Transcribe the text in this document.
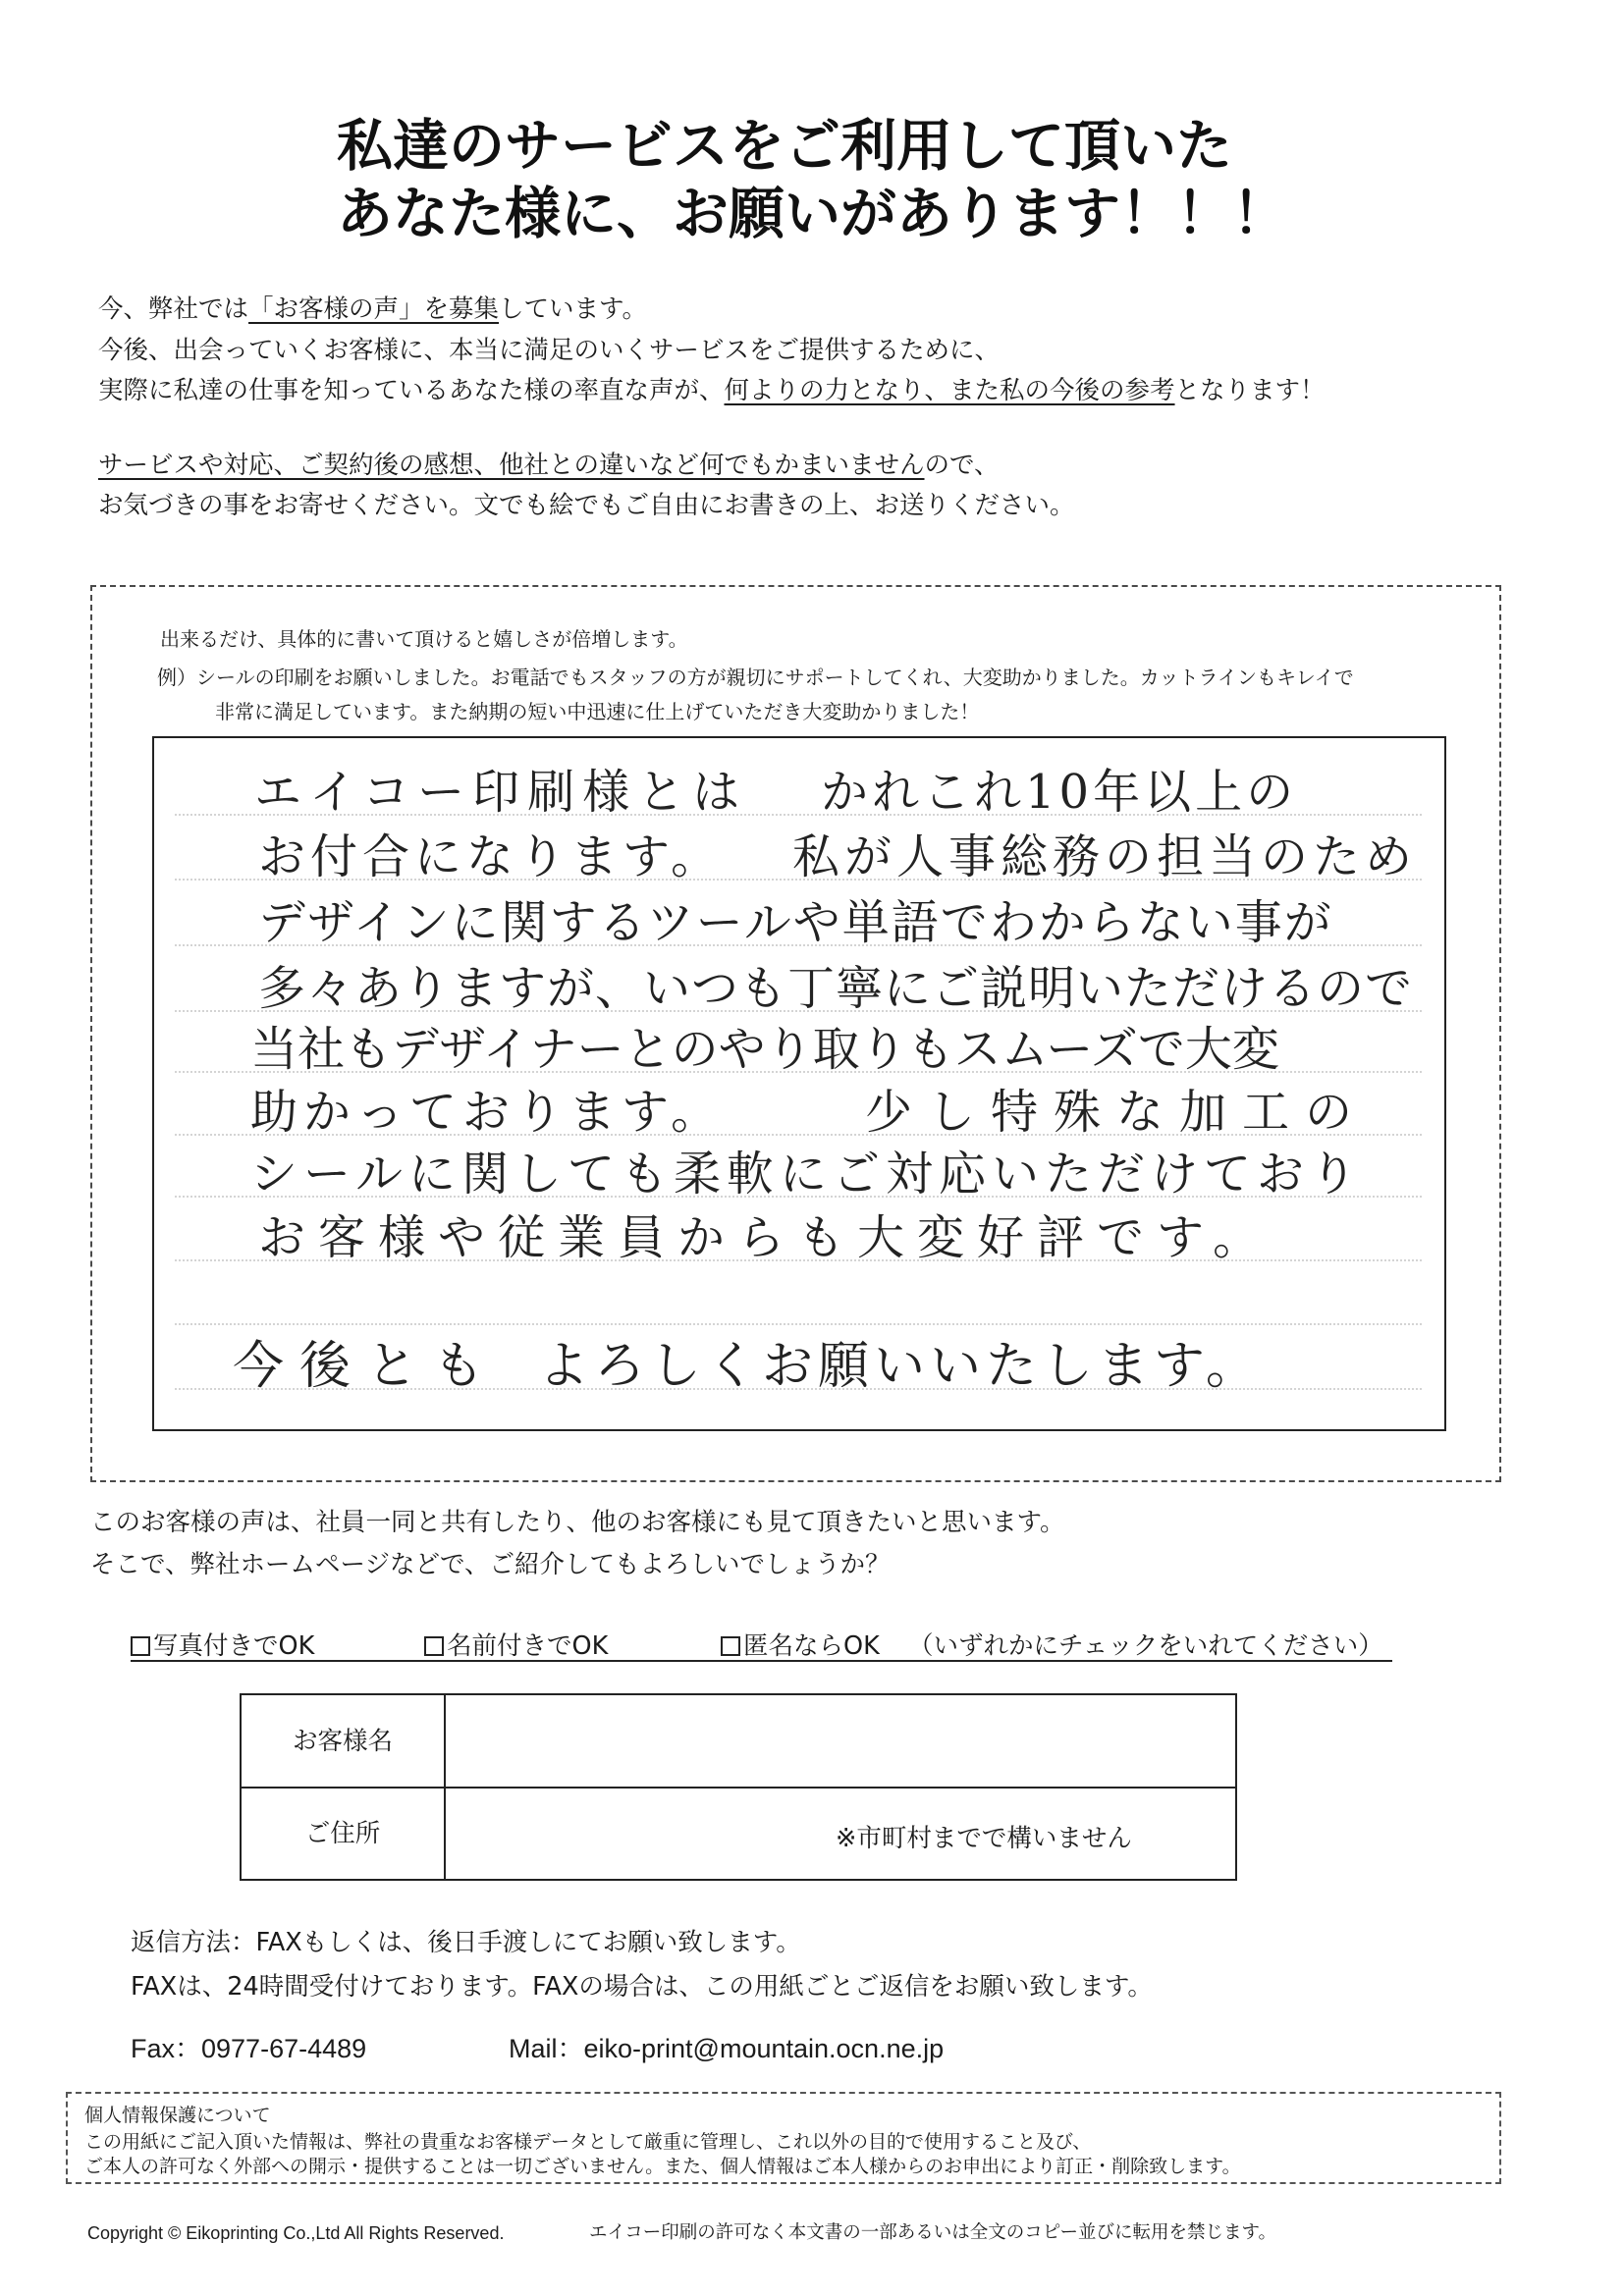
私達のサービスをご利用して頂いた
あなた様に、お願いがあります！！！
今、弊社では 「お客様の声」を募集 しています。
今後、出会っていくお客様に、本当に満足のいくサービスをご提供するために、
実際に私達の仕事を知っているあなた様の率直な声が、 何よりの力となり、また私の今後の参考 となります！
サービスや対応、ご契約後の感想、他社との違いなど何でもかまいません ので、
お気づきの事をお寄せください。文でも絵でもご自由にお書きの上、お送りください。
出来るだけ、具体的に書いて頂けると嬉しさが倍増します。
例）シールの印刷をお願いしました。お電話でもスタッフの方が親切にサポートしてくれ、大変助かりました。カットラインもキレイで
非常に満足しています。また納期の短い中迅速に仕上げていただき大変助かりました！
エイコー印刷様とは かれこれ10年以上の
お付合になります。 私が人事総務の担当のため
デザインに関するツールや単語でわからない事が
多々ありますが、いつも丁寧にご説明いただけるので
当社もデザイナーとのやり取りもスムーズで大変
助かっております。	少し特殊な加工の
シールに関しても柔軟にご対応いただけており
お客様や従業員からも大変好評です。
今後とも よろしくお願いいたします。
このお客様の声は、社員一同と共有したり、他のお客様にも見て頂きたいと思います。
そこで、弊社ホームページなどで、ご紹介してもよろしいでしょうか？
写真付きでOK	名前付きでOK	匿名ならOK （いずれかにチェックをいれてください）
お客様名
ご住所	※市町村までで構いません
返信方法：FAXもしくは、後日手渡しにてお願い致します。
FAXは、24時間受付けております。FAXの場合は、この用紙ごとご返信をお願い致します。
Fax：0977-67-4489	Mail：eiko-print@mountain.ocn.ne.jp
個人情報保護について
この用紙にご記入頂いた情報は、弊社の貴重なお客様データとして厳重に管理し、これ以外の目的で使用すること及び、
ご本人の許可なく外部への開示・提供することは一切ございません。また、個人情報はご本人様からのお申出により訂正・削除致します。
Copyright © Eikoprinting Co.,Ltd All Rights Reserved.	エイコー印刷の許可なく本文書の一部あるいは全文のコピー並びに転用を禁じます。
